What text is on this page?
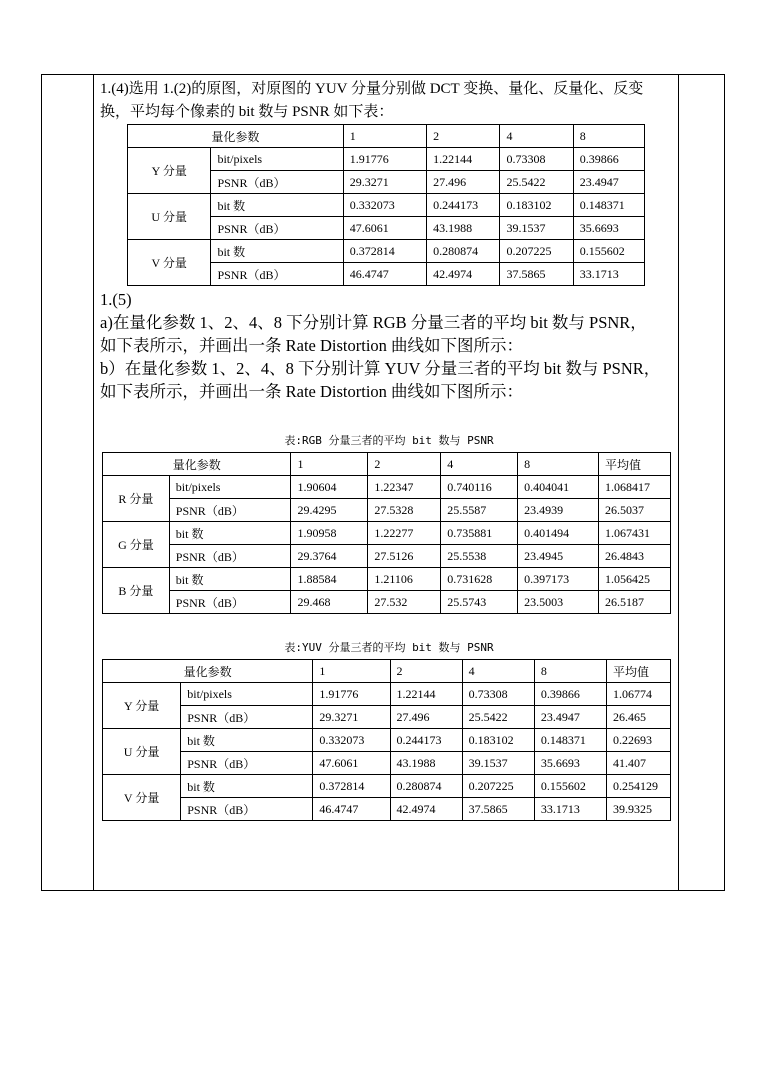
1.(4)选用 1.(2)的原图，对原图的 YUV 分量分别做 DCT 变换、量化、反量化、反变

换，平均每个像素的 bit 数与 PSNR 如下表：

量化参数		1	2	4	8
Y 分量	bit/pixels	1.91776	1.22144	0.73308	0.39866
	PSNR（dB）	29.3271	27.496	25.5422	23.4947
U 分量	bit 数	0.332073	0.244173	0.183102	0.148371
	PSNR（dB）	47.6061	43.1988	39.1537	35.6693
V 分量	bit 数	0.372814	0.280874	0.207225	0.155602
	PSNR（dB）	46.4747	42.4974	37.5865	33.1713

1.(5)

a)在量化参数 1、2、4、8 下分别计算 RGB 分量三者的平均 bit 数与 PSNR，

如下表所示，并画出一条 Rate Distortion 曲线如下图所示：

b）在量化参数 1、2、4、8 下分别计算 YUV 分量三者的平均 bit 数与 PSNR，

如下表所示，并画出一条 Rate Distortion 曲线如下图所示：

表:RGB 分量三者的平均 bit 数与 PSNR

量化参数		1	2	4	8	平均值
R 分量	bit/pixels	1.90604	1.22347	0.740116	0.404041	1.068417
	PSNR（dB）	29.4295	27.5328	25.5587	23.4939	26.5037
G 分量	bit 数	1.90958	1.22277	0.735881	0.401494	1.067431
	PSNR（dB）	29.3764	27.5126	25.5538	23.4945	26.4843
B 分量	bit 数	1.88584	1.21106	0.731628	0.397173	1.056425
	PSNR（dB）	29.468	27.532	25.5743	23.5003	26.5187

表:YUV 分量三者的平均 bit 数与 PSNR

量化参数		1	2	4	8	平均值
Y 分量	bit/pixels	1.91776	1.22144	0.73308	0.39866	1.06774
	PSNR（dB）	29.3271	27.496	25.5422	23.4947	26.465
U 分量	bit 数	0.332073	0.244173	0.183102	0.148371	0.22693
	PSNR（dB）	47.6061	43.1988	39.1537	35.6693	41.407
V 分量	bit 数	0.372814	0.280874	0.207225	0.155602	0.254129
	PSNR（dB）	46.4747	42.4974	37.5865	33.1713	39.9325
